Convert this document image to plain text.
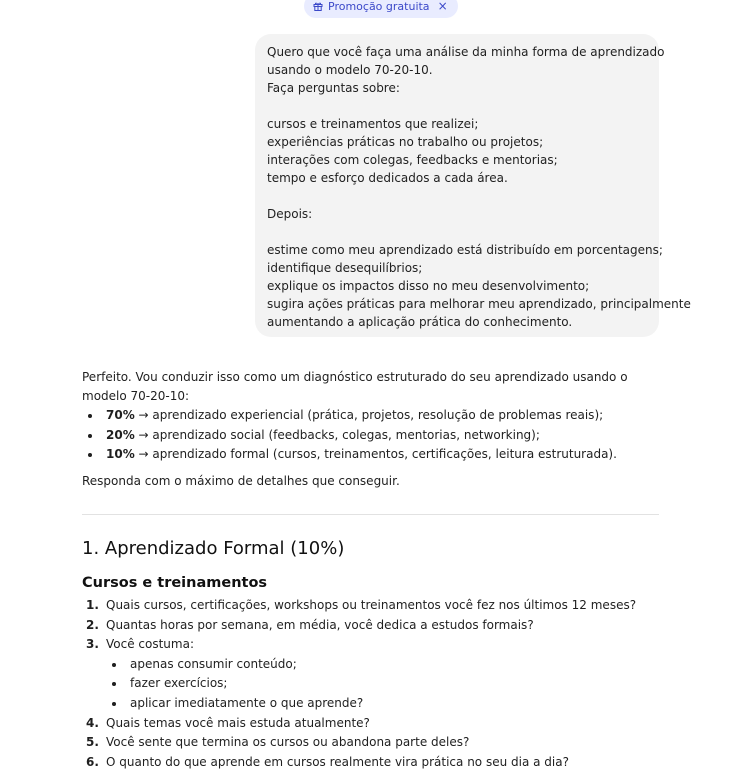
Promoção gratuita ×
Quero que você faça uma análise da minha forma de aprendizado
usando o modelo 70-20-10.
Faça perguntas sobre:
cursos e treinamentos que realizei;
experiências práticas no trabalho ou projetos;
interações com colegas, feedbacks e mentorias;
tempo e esforço dedicados a cada área.
Depois:
estime como meu aprendizado está distribuído em porcentagens;
identifique desequilíbrios;
explique os impactos disso no meu desenvolvimento;
sugira ações práticas para melhorar meu aprendizado, principalmente
aumentando a aplicação prática do conhecimento.

Perfeito. Vou conduzir isso como um diagnóstico estruturado do seu aprendizado usando o modelo 70-20-10:

70% → aprendizado experiencial (prática, projetos, resolução de problemas reais);
20% → aprendizado social (feedbacks, colegas, mentorias, networking);
10% → aprendizado formal (cursos, treinamentos, certificações, leitura estruturada).

Responda com o máximo de detalhes que conseguir.

1. Aprendizado Formal (10%)
Cursos e treinamentos
1. Quais cursos, certificações, workshops ou treinamentos você fez nos últimos 12 meses?
2. Quantas horas por semana, em média, você dedica a estudos formais?
3. Você costuma:
apenas consumir conteúdo;
fazer exercícios;
aplicar imediatamente o que aprende?
4. Quais temas você mais estuda atualmente?
5. Você sente que termina os cursos ou abandona parte deles?
6. O quanto do que aprende em cursos realmente vira prática no seu dia a dia?
